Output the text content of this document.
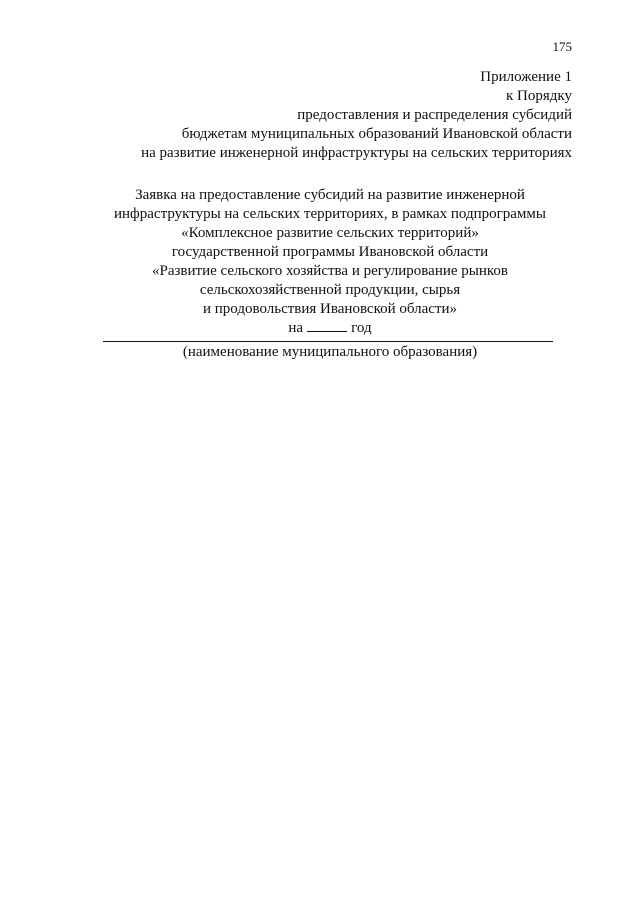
175
Приложение 1
к Порядку
предоставления и распределения субсидий
бюджетам муниципальных образований Ивановской области
на развитие инженерной инфраструктуры на сельских территориях
Заявка на предоставление субсидий на развитие инженерной
инфраструктуры на сельских территориях, в рамках подпрограммы
«Комплексное развитие сельских территорий»
государственной программы Ивановской области
«Развитие сельского хозяйства и регулирование рынков
сельскохозяйственной продукции, сырья
и продовольствия Ивановской области»
на	год
(наименование муниципального образования)
